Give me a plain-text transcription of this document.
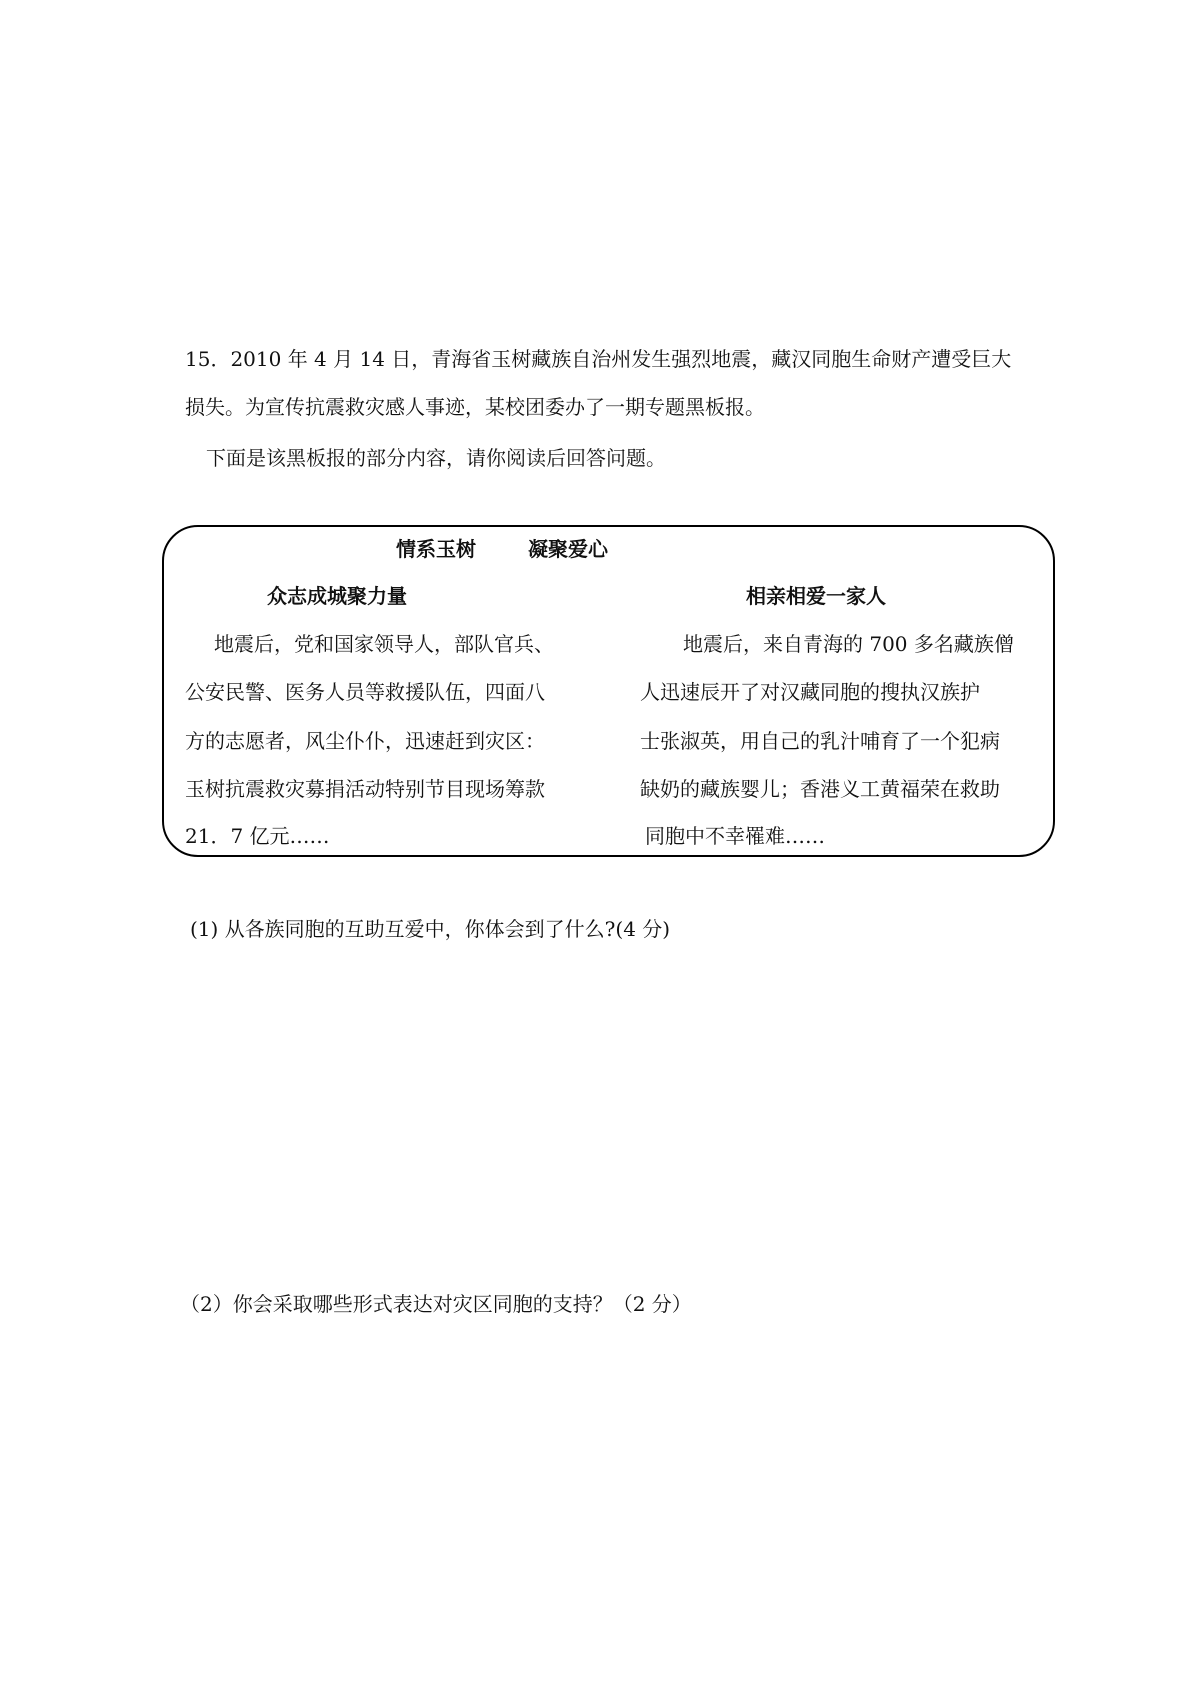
15．2010 年 4 月 14 日，青海省玉树藏族自治州发生强烈地震，藏汉同胞生命财产遭受巨大
损失。为宣传抗震救灾感人事迹，某校团委办了一期专题黑板报。
下面是该黑板报的部分内容，请你阅读后回答问题。
情系玉树	凝聚爱心
众志成城聚力量	相亲相爱一家人
地震后，党和国家领导人，部队官兵、
公安民警、医务人员等救援队伍，四面八
方的志愿者，风尘仆仆，迅速赶到灾区：
玉树抗震救灾募捐活动特别节目现场筹款
21．7 亿元……
地震后，来自青海的 700 多名藏族僧
人迅速辰开了对汉藏同胞的搜执汉族护
士张淑英，用自己的乳汁哺育了一个犯病
缺奶的藏族婴儿；香港义工黄福荣在救助
同胞中不幸罹难……
(1) 从各族同胞的互助互爱中，你体会到了什么?(4 分)
（2）你会采取哪些形式表达对灾区同胞的支持？（2 分）
